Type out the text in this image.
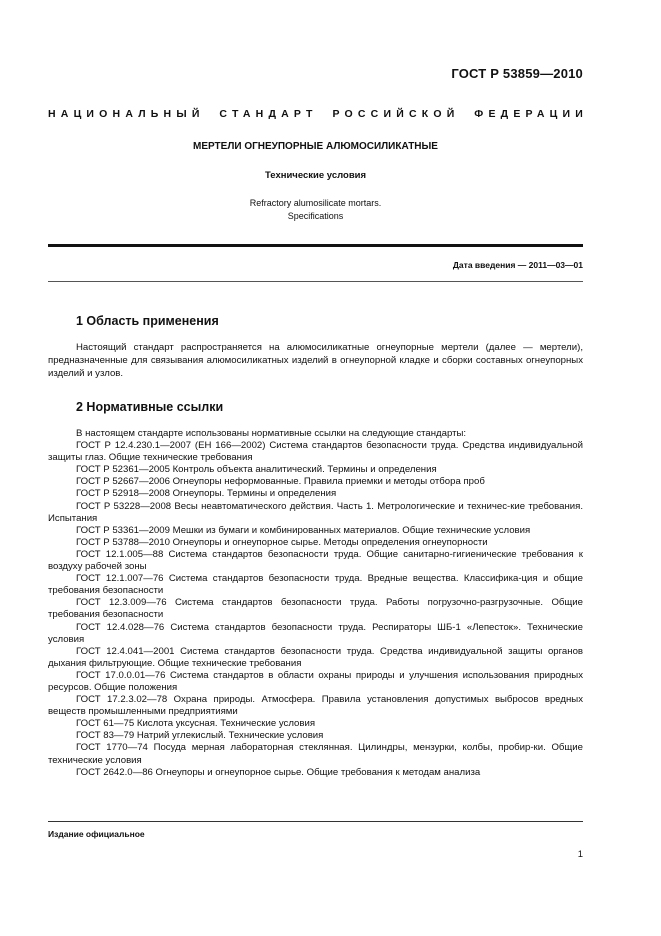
ГОСТ Р 53859—2010
НАЦИОНАЛЬНЫЙ СТАНДАРТ РОССИЙСКОЙ ФЕДЕРАЦИИ
МЕРТЕЛИ ОГНЕУПОРНЫЕ АЛЮМОСИЛИКАТНЫЕ
Технические условия
Refractory alumosilicate mortars.
Specifications
Дата введения — 2011—03—01
1 Область применения

Настоящий стандарт распространяется на алюмосиликатные огнеупорные мертели (далее — мертели), предназначенные для связывания алюмосиликатных изделий в огнеупорной кладке и сборки составных огнеупорных изделий и узлов.

2 Нормативные ссылки

В настоящем стандарте использованы нормативные ссылки на следующие стандарты:

ГОСТ Р 12.4.230.1—2007 (ЕН 166—2002) Система стандартов безопасности труда. Средства индивидуальной защиты глаз. Общие технические требования

ГОСТ Р 52361—2005 Контроль объекта аналитический. Термины и определения

ГОСТ Р 52667—2006 Огнеупоры неформованные. Правила приемки и методы отбора проб

ГОСТ Р 52918—2008 Огнеупоры. Термины и определения

ГОСТ Р 53228—2008 Весы неавтоматического действия. Часть 1. Метрологические и техничес-кие требования. Испытания

ГОСТ Р 53361—2009 Мешки из бумаги и комбинированных материалов. Общие технические условия

ГОСТ Р 53788—2010 Огнеупоры и огнеупорное сырье. Методы определения огнеупорности

ГОСТ 12.1.005—88 Система стандартов безопасности труда. Общие санитарно-гигиенические требования к воздуху рабочей зоны

ГОСТ 12.1.007—76 Система стандартов безопасности труда. Вредные вещества. Классифика-ция и общие требования безопасности

ГОСТ 12.3.009—76 Система стандартов безопасности труда. Работы погрузочно-разгрузочные. Общие требования безопасности

ГОСТ 12.4.028—76 Система стандартов безопасности труда. Респираторы ШБ-1 «Лепесток». Технические условия

ГОСТ 12.4.041—2001 Система стандартов безопасности труда. Средства индивидуальной защиты органов дыхания фильтрующие. Общие технические требования

ГОСТ 17.0.0.01—76 Система стандартов в области охраны природы и улучшения использования природных ресурсов. Общие положения

ГОСТ 17.2.3.02—78 Охрана природы. Атмосфера. Правила установления допустимых выбросов вредных веществ промышленными предприятиями

ГОСТ 61—75 Кислота уксусная. Технические условия

ГОСТ 83—79 Натрий углекислый. Технические условия

ГОСТ 1770—74 Посуда мерная лабораторная стеклянная. Цилиндры, мензурки, колбы, пробир-ки. Общие технические условия

ГОСТ 2642.0—86 Огнеупоры и огнеупорное сырье. Общие требования к методам анализа

Издание официальное
1
